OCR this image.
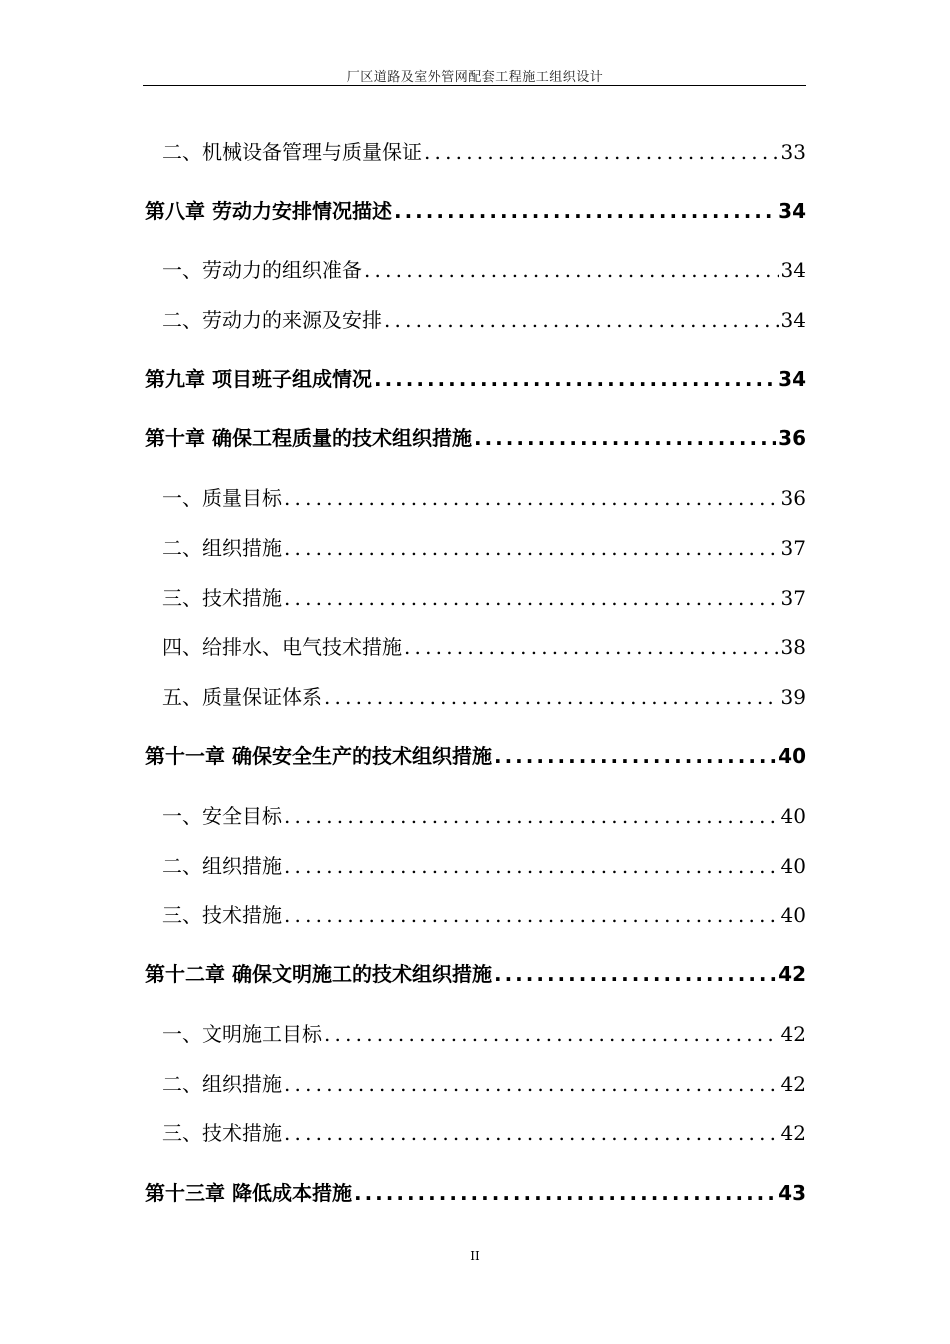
厂区道路及室外管网配套工程施工组织设计
二、机械设备管理与质量保证 .....	33
第八章 劳动力安排情况描述 .....	34
一、劳动力的组织准备 .....	34
二、劳动力的来源及安排 .....	34
第九章 项目班子组成情况 .....	34
第十章 确保工程质量的技术组织措施 .....	36
一、质量目标 .....	36
二、组织措施 .....	37
三、技术措施 .....	37
四、给排水、电气技术措施 .....	38
五、质量保证体系 .....	39
第十一章 确保安全生产的技术组织措施 .....	40
一、安全目标 .....	40
二、组织措施 .....	40
三、技术措施 .....	40
第十二章 确保文明施工的技术组织措施 .....	42
一、文明施工目标 .....	42
二、组织措施 .....	42
三、技术措施 .....	42
第十三章 降低成本措施 .....	43
II
